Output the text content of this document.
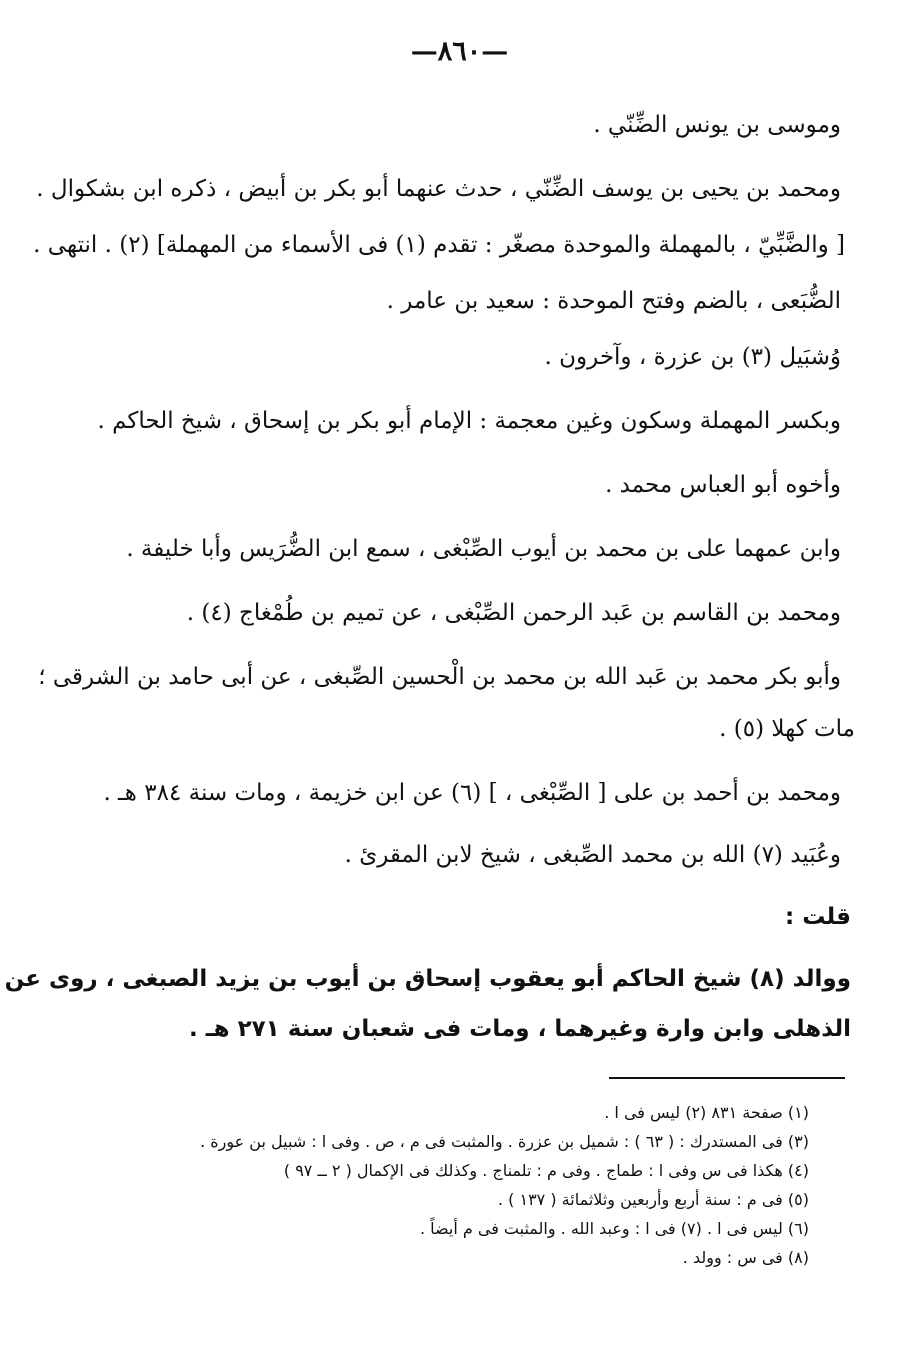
—٨٦٠—

وموسى بن يونس الضِّنّي .

ومحمد بن يحيى بن يوسف الضِّنّي ، حدث عنهما أبو بكر بن أبيض ، ذكره ابن بشكوال .

[ والضَّبِّيّ ، بالمهملة والموحدة مصغّر : تقدم (١) فى الأسماء من المهملة] (٢) . انتهى .

الضُّبَعى ، بالضم وفتح الموحدة : سعيد بن عامر .

وُشبَيل (٣) بن عزرة ، وآخرون .

وبكسر المهملة وسكون وغين معجمة : الإمام أبو بكر بن إسحاق ، شيخ الحاكم .

وأخوه أبو العباس محمد .

وابن عمهما على بن محمد بن أيوب الصِّبْغى ، سمع ابن الضُّرَيس وأبا خليفة .

ومحمد بن القاسم بن عَبد الرحمن الصِّبْغى ، عن تميم بن طُمْغاج (٤) .

وأبو بكر محمد بن عَبد الله بن محمد بن الْحسين الصِّبغى ، عن أبى حامد بن الشرقى ؛

مات كهلا (٥) .

ومحمد بن أحمد بن على [ الصِّبْغى ، ] (٦) عن ابن خزيمة ، ومات سنة ٣٨٤ هـ .

وعُبَيد (٧) الله بن محمد الصِّبغى ، شيخ لابن المقرئ .

قلت :

ووالد (٨) شيخ الحاكم أبو يعقوب إسحاق بن أيوب بن يزيد الصبغى ، روى عن

الذهلى وابن وارة وغيرهما ، ومات فى شعبان سنة ٢٧١ هـ .

(١) صفحة ٨٣١ (٢) ليس فى ا .
(٣) فى المستدرك : ( ٦٣ ) : شميل بن عزرة . والمثبت فى م ، ص . وفى ا : شبيل بن عورة .
(٤) هكذا فى س وفى ا : طماج . وفى م : تلمناج . وكذلك فى الإكمال ( ٢ ــ ٩٧ )
(٥) فى م : سنة أربع وأربعين وثلاثمائة ( ١٣٧ ) .
(٦) ليس فى ا . (٧) فى ا : وعبد الله . والمثبت فى م أيضاً .
(٨) فى س : وولد .
